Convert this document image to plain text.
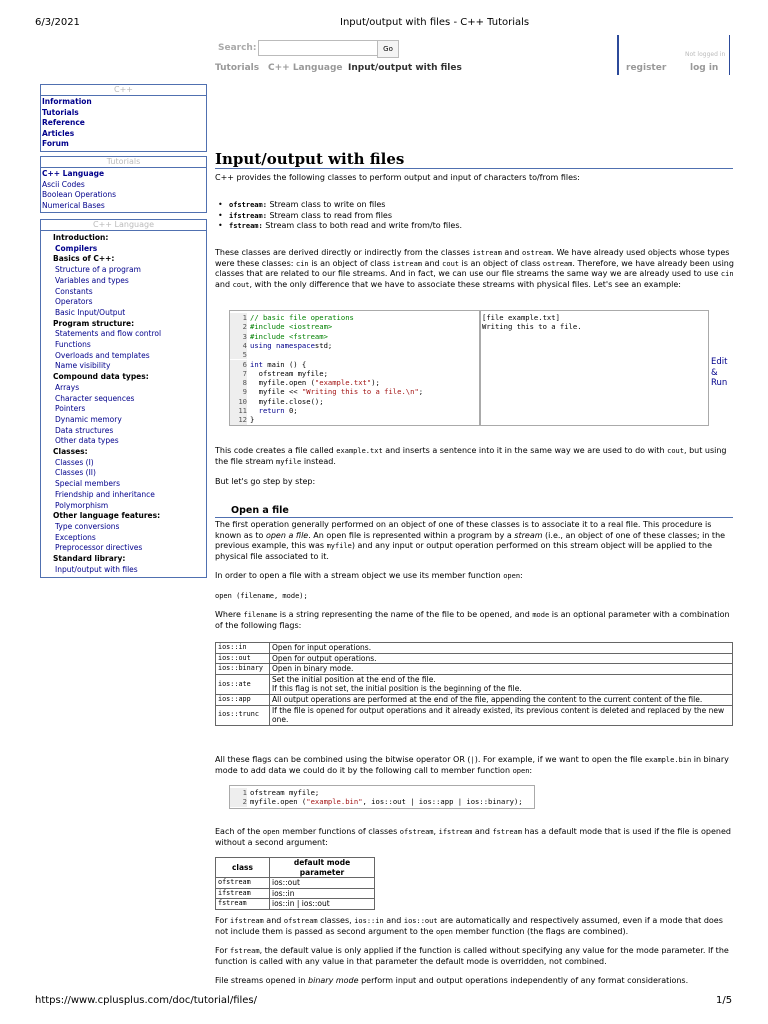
6/3/2021	Input/output with files - C++ Tutorials
Search:	Go
Tutorials C++ Language Input/output with files
Not logged in
register	log in
C++
Information
Tutorials
Reference
Articles
Forum
Tutorials
C++ Language
Ascii Codes
Boolean Operations
Numerical Bases
C++ Language
Introduction:
Compilers
Basics of C++:
Structure of a program
Variables and types
Constants
Operators
Basic Input/Output
Program structure:
Statements and flow control
Functions
Overloads and templates
Name visibility
Compound data types:
Arrays
Character sequences
Pointers
Dynamic memory
Data structures
Other data types
Classes:
Classes (I)
Classes (II)
Special members
Friendship and inheritance
Polymorphism
Other language features:
Type conversions
Exceptions
Preprocessor directives
Standard library:
Input/output with files
Input/output with files
C++ provides the following classes to perform output and input of characters to/from files:
• ofstream: Stream class to write on files
• ifstream: Stream class to read from files
• fstream: Stream class to both read and write from/to files.
These classes are derived directly or indirectly from the classes istream and ostream. We have already used objects whose types were these classes: cin is an object of class istream and cout is an object of class ostream. Therefore, we have already been using classes that are related to our file streams. And in fact, we can use our file streams the same way we are already used to use cin and cout, with the only difference that we have to associate these streams with physical files. Let's see an example:
1 // basic file operations
2 #include <iostream>
3 #include <fstream>
4 using namespacestd;
5
6 int main () {
7 ofstream myfile;
8 myfile.open ("example.txt");
9 myfile << "Writing this to a file.\n";
10 myfile.close();
11	return 0;
12 }
[file example.txt]
Writing this to a file.
Edit
&
Run
This code creates a file called example.txt and inserts a sentence into it in the same way we are used to do with cout, but using the file stream myfile instead.
But let's go step by step:
Open a file
The first operation generally performed on an object of one of these classes is to associate it to a real file. This procedure is known as to open a file. An open file is represented within a program by a stream (i.e., an object of one of these classes; in the previous example, this was myfile) and any input or output operation performed on this stream object will be applied to the physical file associated to it.
In order to open a file with a stream object we use its member function open:
open (filename, mode);
Where filename is a string representing the name of the file to be opened, and mode is an optional parameter with a combination of the following flags:
ios::in	Open for input operations.

ios::out	Open for output operations.

ios::binary	Open in binary mode.

ios::ate	Set the initial position at the end of the file.
If this flag is not set, the initial position is the beginning of the file.

ios::app	All output operations are performed at the end of the file, appending the content to the current content of the file.

ios::trunc	If the file is opened for output operations and it already existed, its previous content is deleted and replaced by the new one.
All these flags can be combined using the bitwise operator OR (|). For example, if we want to open the file example.bin in binary mode to add data we could do it by the following call to member function open:
1 ofstream myfile;
2 myfile.open ("example.bin", ios::out | ios::app | ios::binary);
Each of the open member functions of classes ofstream, ifstream and fstream has a default mode that is used if the file is opened without a second argument:
class	default mode parameter
ofstream	ios::out
ifstream	ios::in
fstream	ios::in | ios::out
For ifstream and ofstream classes, ios::in and ios::out are automatically and respectively assumed, even if a mode that does not include them is passed as second argument to the open member function (the flags are combined).
For fstream, the default value is only applied if the function is called without specifying any value for the mode parameter. If the function is called with any value in that parameter the default mode is overridden, not combined.
File streams opened in binary mode perform input and output operations independently of any format considerations.
https://www.cplusplus.com/doc/tutorial/files/	1/5
